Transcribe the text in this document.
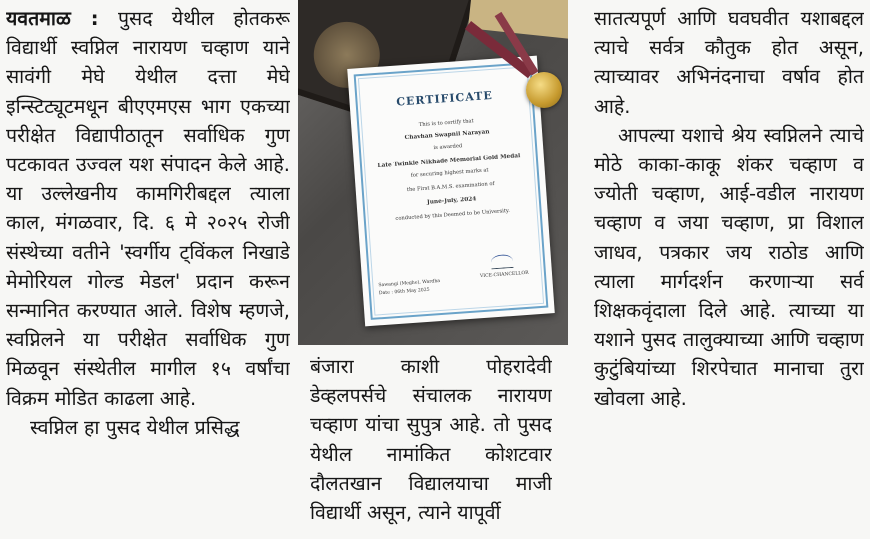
यवतमाळ : पुसद येथील होतकरू विद्यार्थी स्वप्निल नारायण चव्हाण याने सावंगी मेघे येथील दत्ता मेघे इन्स्टिट्यूटमधून बीएएमएस भाग एकच्या परीक्षेत विद्यापीठातून सर्वाधिक गुण पटकावत उज्वल यश संपादन केले आहे. या उल्लेखनीय कामगिरीबद्दल त्याला काल, मंगळवार, दि. ६ मे २०२५ रोजी संस्थेच्या वतीने 'स्वर्गीय ट्विंकल निखाडे मेमोरियल गोल्ड मेडल' प्रदान करून सन्मानित करण्यात आले. विशेष म्हणजे, स्वप्निलने या परीक्षेत सर्वाधिक गुण मिळवून संस्थेतील मागील १५ वर्षांचा विक्रम मोडित काढला आहे.

स्वप्निल हा पुसद येथील प्रसिद्ध

CERTIFICATE
This is to certify that
Chavhan Swapnil Narayan
is awarded
Late Twinkle Nikhade Memorial Gold Medal
for securing highest marks at
the First B.A.M.S. examination of
June-July, 2024
conducted by this Deemed to be University.
Sawangi (Meghe), Wardha
Date : 06th May 2025
VICE-CHANCELLOR

बंजारा काशी पोहरादेवी डेव्हलपर्सचे संचालक नारायण चव्हाण यांचा सुपुत्र आहे. तो पुसद येथील नामांकित कोशटवार दौलतखान विद्यालयाचा माजी विद्यार्थी असून, त्याने यापूर्वी

सातत्यपूर्ण आणि घवघवीत यशाबद्दल त्याचे सर्वत्र कौतुक होत असून, त्याच्यावर अभिनंदनाचा वर्षाव होत आहे.

आपल्या यशाचे श्रेय स्वप्निलने त्याचे मोठे काका-काकू शंकर चव्हाण व ज्योती चव्हाण, आई-वडील नारायण चव्हाण व जया चव्हाण, प्रा विशाल जाधव, पत्रकार जय राठोड आणि त्याला मार्गदर्शन करणाऱ्या सर्व शिक्षकवृंदाला दिले आहे. त्याच्या या यशाने पुसद तालुक्याच्या आणि चव्हाण कुटुंबियांच्या शिरपेचात मानाचा तुरा खोवला आहे.
